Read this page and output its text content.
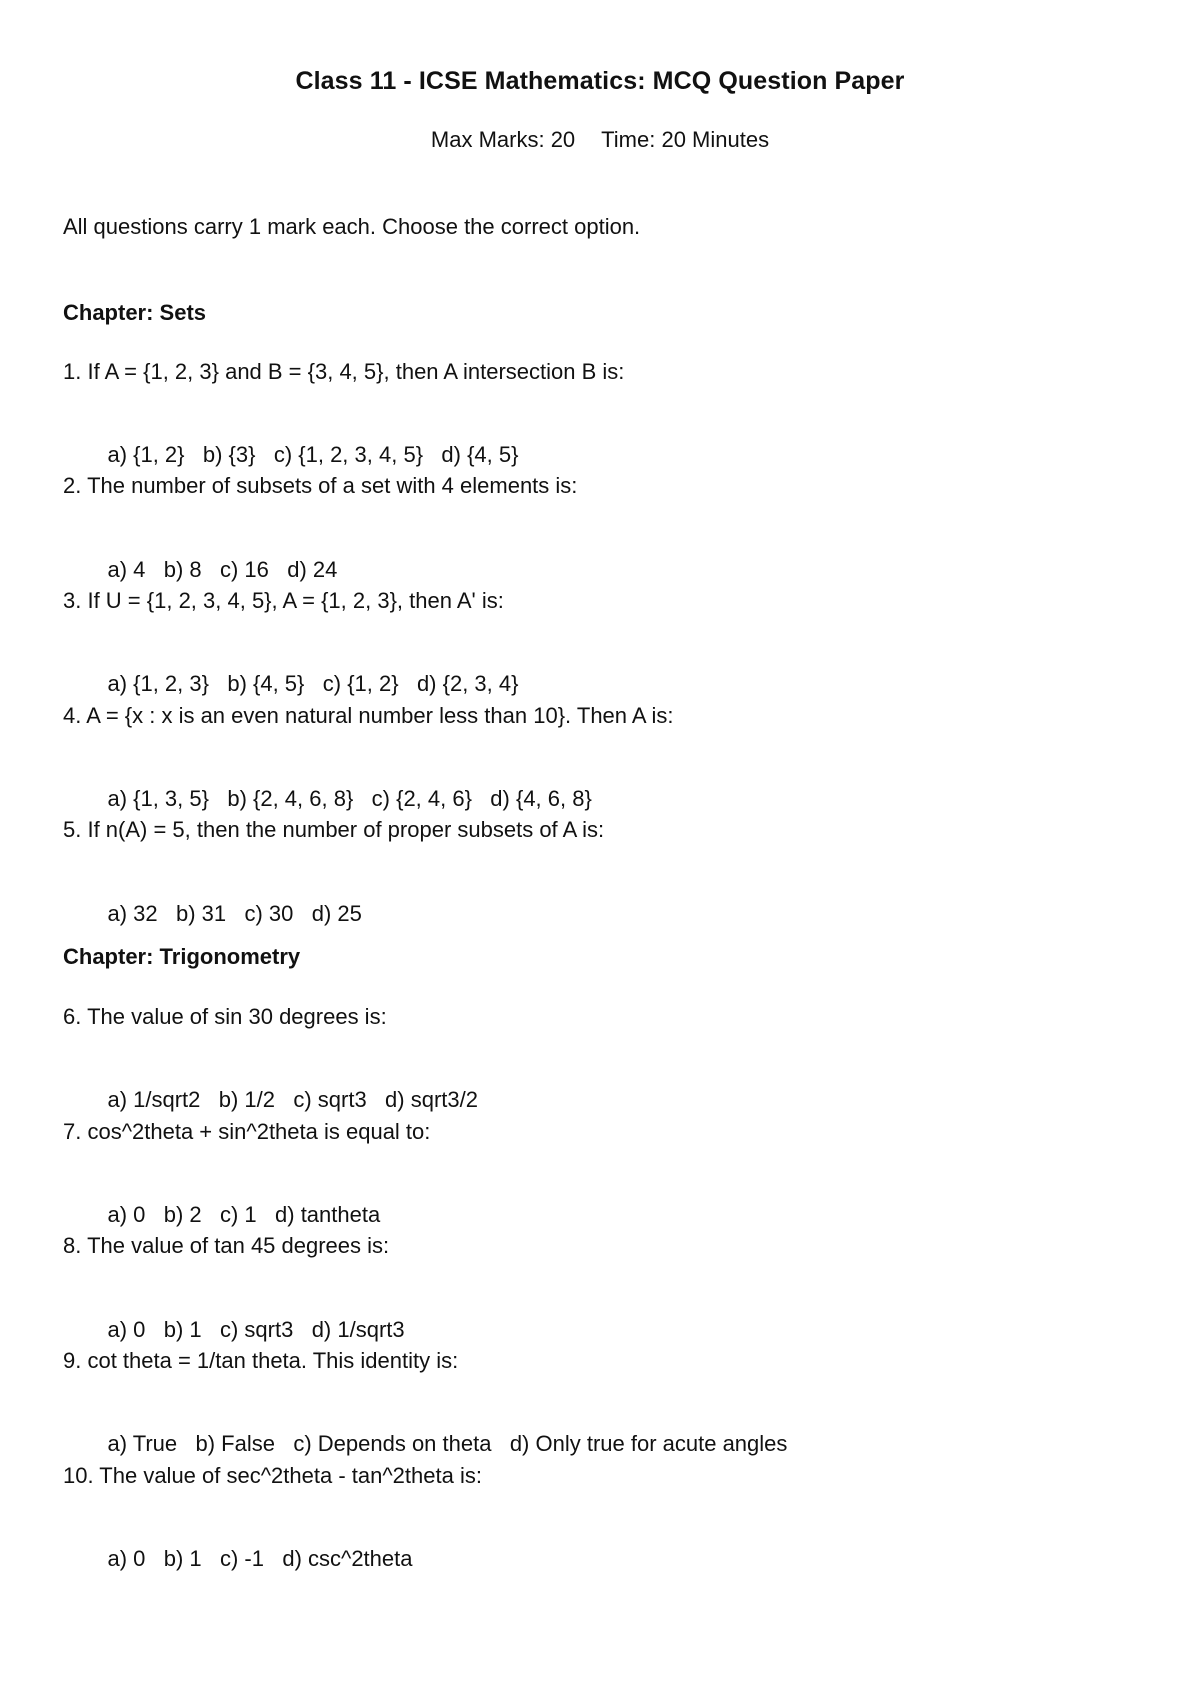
Class 11 - ICSE Mathematics: MCQ Question Paper
Max Marks: 20 Time: 20 Minutes
All questions carry 1 mark each. Choose the correct option.
Chapter: Sets
1. If A = {1, 2, 3} and B = {3, 4, 5}, then A intersection B is:

a) {1, 2} b) {3} c) {1, 2, 3, 4, 5} d) {4, 5}

2. The number of subsets of a set with 4 elements is:

a) 4 b) 8 c) 16 d) 24

3. If U = {1, 2, 3, 4, 5}, A = {1, 2, 3}, then A' is:

a) {1, 2, 3} b) {4, 5} c) {1, 2} d) {2, 3, 4}

4. A = {x : x is an even natural number less than 10}. Then A is:

a) {1, 3, 5} b) {2, 4, 6, 8} c) {2, 4, 6} d) {4, 6, 8}

5. If n(A) = 5, then the number of proper subsets of A is:

a) 32 b) 31 c) 30 d) 25

Chapter: Trigonometry
6. The value of sin 30 degrees is:

a) 1/sqrt2 b) 1/2 c) sqrt3 d) sqrt3/2

7. cos^2theta + sin^2theta is equal to:

a) 0 b) 2 c) 1 d) tantheta

8. The value of tan 45 degrees is:

a) 0 b) 1 c) sqrt3 d) 1/sqrt3

9. cot theta = 1/tan theta. This identity is:

a) True b) False c) Depends on theta d) Only true for acute angles

10. The value of sec^2theta - tan^2theta is:

a) 0 b) 1 c) -1 d) csc^2theta
